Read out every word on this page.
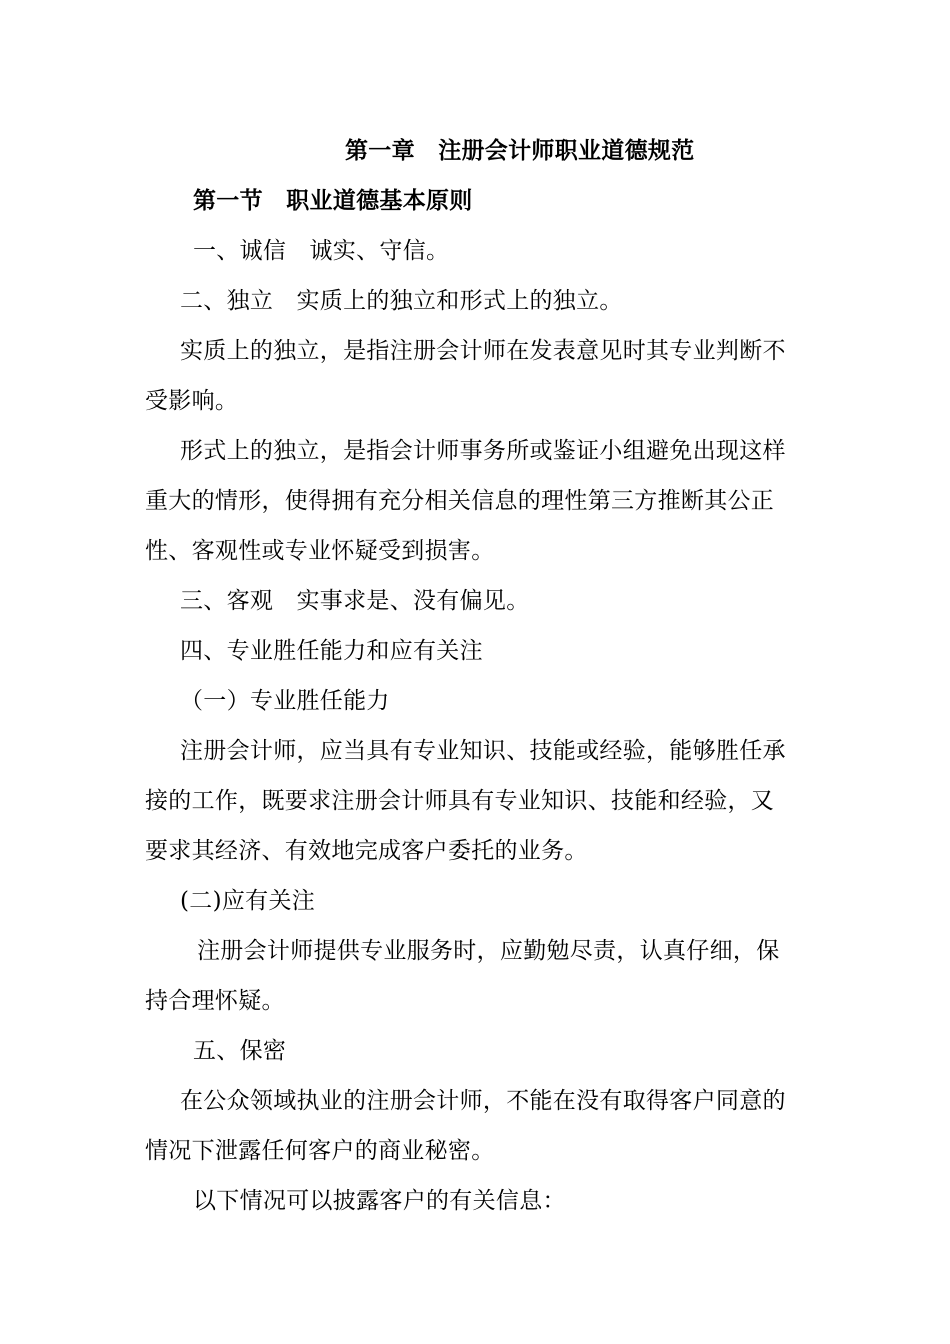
第一章　注册会计师职业道德规范
第一节　职业道德基本原则
一、诚信　诚实、守信。
二、独立　实质上的独立和形式上的独立。
实质上的独立，是指注册会计师在发表意见时其专业判断不
受影响。
形式上的独立，是指会计师事务所或鉴证小组避免出现这样
重大的情形，使得拥有充分相关信息的理性第三方推断其公正
性、客观性或专业怀疑受到损害。
三、客观　实事求是、没有偏见。
四、专业胜任能力和应有关注
（一）专业胜任能力
注册会计师，应当具有专业知识、技能或经验，能够胜任承
接的工作，既要求注册会计师具有专业知识、技能和经验，又
要求其经济、有效地完成客户委托的业务。
(二)应有关注
注册会计师提供专业服务时，应勤勉尽责，认真仔细，保
持合理怀疑。
五、保密
在公众领域执业的注册会计师，不能在没有取得客户同意的
情况下泄露任何客户的商业秘密。
以下情况可以披露客户的有关信息：
